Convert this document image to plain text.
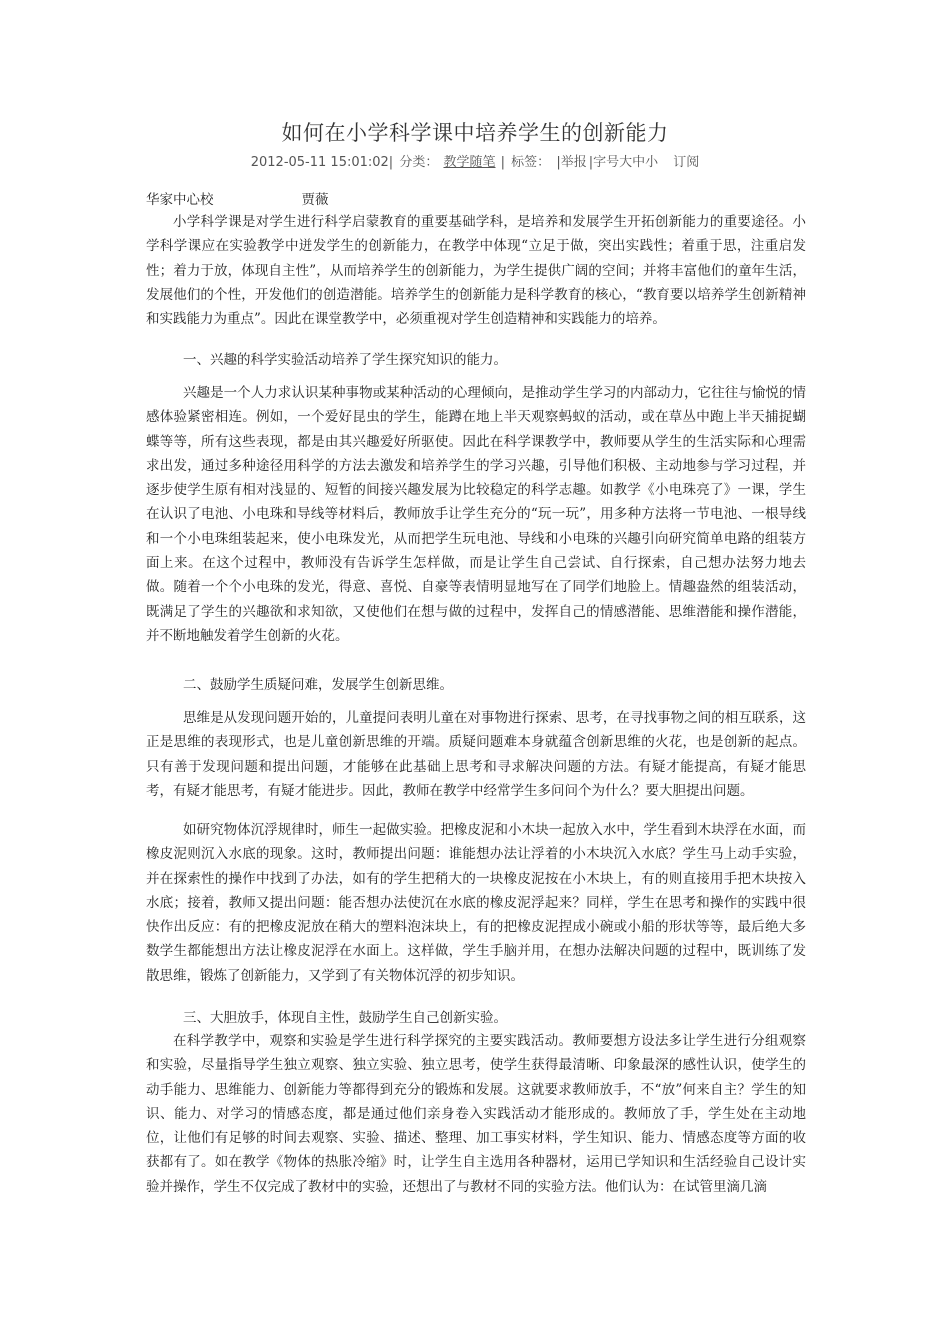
如何在小学科学课中培养学生的创新能力
2012-05-11 15:01:02| 分类： 教学随笔 | 标签： |举报 |字号大中小 订阅
华家中心校	贾薇

小学科学课是对学生进行科学启蒙教育的重要基础学科，是培养和发展学生开拓创新能力的重要途径。小学科学课应在实验教学中迸发学生的创新能力，在教学中体现“立足于做，突出实践性；着重于思，注重启发性；着力于放，体现自主性”，从而培养学生的创新能力，为学生提供广阔的空间；并将丰富他们的童年生活，发展他们的个性，开发他们的创造潜能。培养学生的创新能力是科学教育的核心，“教育要以培养学生创新精神和实践能力为重点”。因此在课堂教学中，必须重视对学生创造精神和实践能力的培养。

一、兴趣的科学实验活动培养了学生探究知识的能力。

兴趣是一个人力求认识某种事物或某种活动的心理倾向，是推动学生学习的内部动力，它往往与愉悦的情感体验紧密相连。例如，一个爱好昆虫的学生，能蹲在地上半天观察蚂蚁的活动，或在草丛中跑上半天捕捉蝴蝶等等，所有这些表现，都是由其兴趣爱好所驱使。因此在科学课教学中，教师要从学生的生活实际和心理需求出发，通过多种途径用科学的方法去激发和培养学生的学习兴趣，引导他们积极、主动地参与学习过程，并逐步使学生原有相对浅显的、短暂的间接兴趣发展为比较稳定的科学志趣。如教学《小电珠亮了》一课，学生在认识了电池、小电珠和导线等材料后，教师放手让学生充分的“玩一玩”，用多种方法将一节电池、一根导线和一个小电珠组装起来，使小电珠发光，从而把学生玩电池、导线和小电珠的兴趣引向研究简单电路的组装方面上来。在这个过程中，教师没有告诉学生怎样做，而是让学生自己尝试、自行探索，自己想办法努力地去做。随着一个个小电珠的发光，得意、喜悦、自豪等表情明显地写在了同学们地脸上。情趣盎然的组装活动，既满足了学生的兴趣欲和求知欲，又使他们在想与做的过程中，发挥自己的情感潜能、思维潜能和操作潜能，并不断地触发着学生创新的火花。

二、鼓励学生质疑问难，发展学生创新思维。

思维是从发现问题开始的，儿童提问表明儿童在对事物进行探索、思考，在寻找事物之间的相互联系，这正是思维的表现形式，也是儿童创新思维的开端。质疑问题难本身就蕴含创新思维的火花，也是创新的起点。只有善于发现问题和提出问题，才能够在此基础上思考和寻求解决问题的方法。有疑才能提高，有疑才能思考，有疑才能思考，有疑才能进步。因此，教师在教学中经常学生多问问个为什么？要大胆提出问题。

如研究物体沉浮规律时，师生一起做实验。把橡皮泥和小木块一起放入水中，学生看到木块浮在水面，而橡皮泥则沉入水底的现象。这时，教师提出问题：谁能想办法让浮着的小木块沉入水底？学生马上动手实验，并在探索性的操作中找到了办法，如有的学生把稍大的一块橡皮泥按在小木块上，有的则直接用手把木块按入水底；接着，教师又提出问题：能否想办法使沉在水底的橡皮泥浮起来？同样，学生在思考和操作的实践中很快作出反应：有的把橡皮泥放在稍大的塑料泡沫块上，有的把橡皮泥捏成小碗或小船的形状等等，最后绝大多数学生都能想出方法让橡皮泥浮在水面上。这样做，学生手脑并用，在想办法解决问题的过程中，既训练了发散思维，锻炼了创新能力，又学到了有关物体沉浮的初步知识。

三、大胆放手，体现自主性，鼓励学生自己创新实验。

在科学教学中，观察和实验是学生进行科学探究的主要实践活动。教师要想方设法多让学生进行分组观察和实验，尽量指导学生独立观察、独立实验、独立思考，使学生获得最清晰、印象最深的感性认识，使学生的动手能力、思维能力、创新能力等都得到充分的锻炼和发展。这就要求教师放手，不“放”何来自主？学生的知识、能力、对学习的情感态度，都是通过他们亲身卷入实践活动才能形成的。教师放了手，学生处在主动地位，让他们有足够的时间去观察、实验、描述、整理、加工事实材料，学生知识、能力、情感态度等方面的收获都有了。如在教学《物体的热胀冷缩》时，让学生自主选用各种器材，运用已学知识和生活经验自己设计实验并操作，学生不仅完成了教材中的实验，还想出了与教材不同的实验方法。他们认为：在试管里滴几滴
